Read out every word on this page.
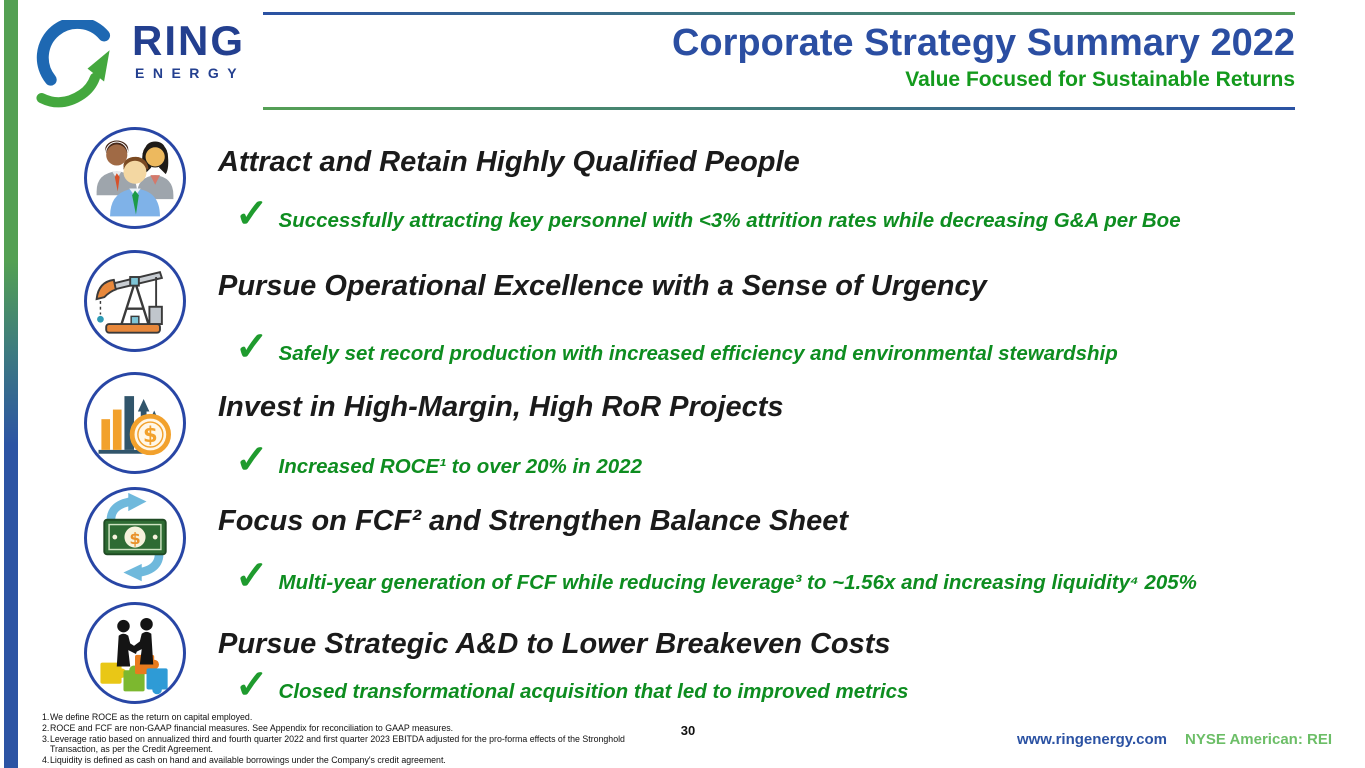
RING
ENERGY
Corporate Strategy Summary 2022
Value Focused for Sustainable Returns
Attract and Retain Highly Qualified People
✓ Successfully attracting key personnel with <3% attrition rates while decreasing G&A per Boe
Pursue Operational Excellence with a Sense of Urgency
✓ Safely set record production with increased efficiency and environmental stewardship
$
Invest in High-Margin, High RoR Projects
✓ Increased ROCE¹ to over 20% in 2022
$
Focus on FCF² and Strengthen Balance Sheet
✓ Multi-year generation of FCF while reducing leverage³ to ~1.56x and increasing liquidity⁴ 205%
Pursue Strategic A&D to Lower Breakeven Costs
✓ Closed transformational acquisition that led to improved metrics
1. We define ROCE as the return on capital employed.
2. ROCE and FCF are non-GAAP financial measures. See Appendix for reconciliation to GAAP measures.
3. Leverage ratio based on annualized third and fourth quarter 2022 and first quarter 2023 EBITDA adjusted for the pro-forma effects of the Stronghold Transaction, as per the Credit Agreement.
4. Liquidity is defined as cash on hand and available borrowings under the Company's credit agreement.
30
www.ringenergy.com NYSE American: REI
